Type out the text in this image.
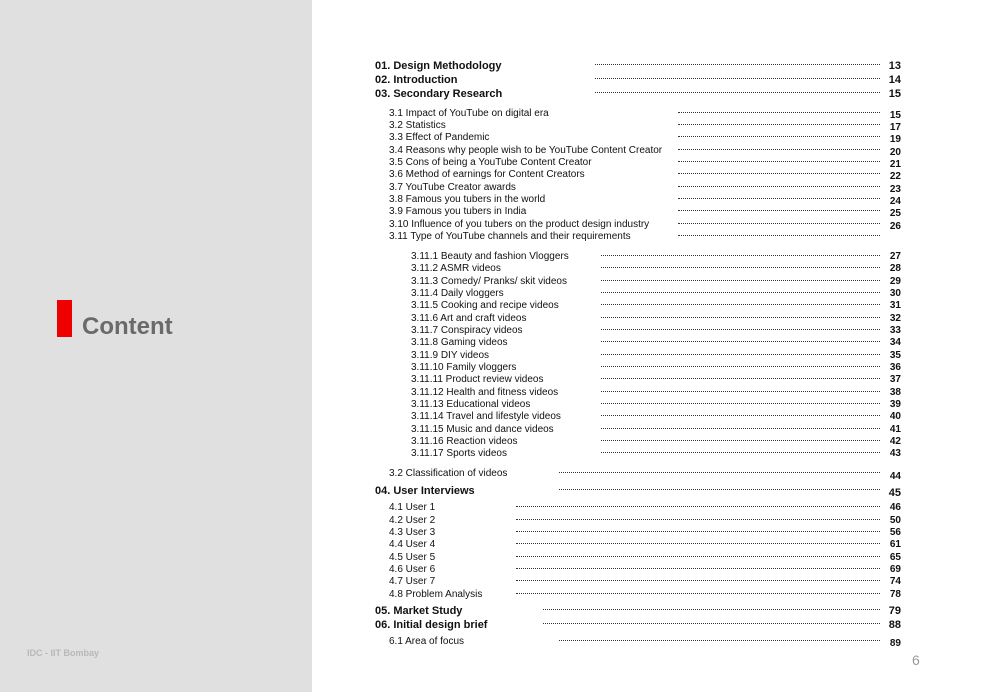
Content
IDC - IIT Bombay
01. Design Methodology	13
02. Introduction	14
03. Secondary Research	15
3.1 Impact of YouTube on digital era	15
3.2 Statistics	17
3.3 Effect of Pandemic	19
3.4 Reasons why people wish to be YouTube Content Creator	20
3.5 Cons of being a YouTube Content Creator	21
3.6 Method of earnings for Content Creators	22
3.7 YouTube Creator awards	23
3.8 Famous you tubers in the world	24
3.9 Famous you tubers in India	25
3.10 Influence of you tubers on the product design industry	26
3.11 Type of YouTube channels and their requirements
3.11.1 Beauty and fashion Vloggers	27
3.11.2 ASMR videos	28
3.11.3 Comedy/ Pranks/ skit videos	29
3.11.4 Daily vloggers	30
3.11.5 Cooking and recipe videos	31
3.11.6 Art and craft videos	32
3.11.7 Conspiracy videos	33
3.11.8 Gaming videos	34
3.11.9 DIY videos	35
3.11.10 Family vloggers	36
3.11.11 Product review videos	37
3.11.12 Health and fitness videos	38
3.11.13 Educational videos	39
3.11.14 Travel and lifestyle videos	40
3.11.15 Music and dance videos	41
3.11.16 Reaction videos	42
3.11.17 Sports videos	43
3.2 Classification of videos	44
04. User Interviews	45
4.1 User 1	46
4.2 User 2	50
4.3 User 3	56
4.4 User 4	61
4.5 User 5	65
4.6 User 6	69
4.7 User 7	74
4.8 Problem Analysis	78
05. Market Study	79
06. Initial design brief	88
6.1 Area of focus	89
6
